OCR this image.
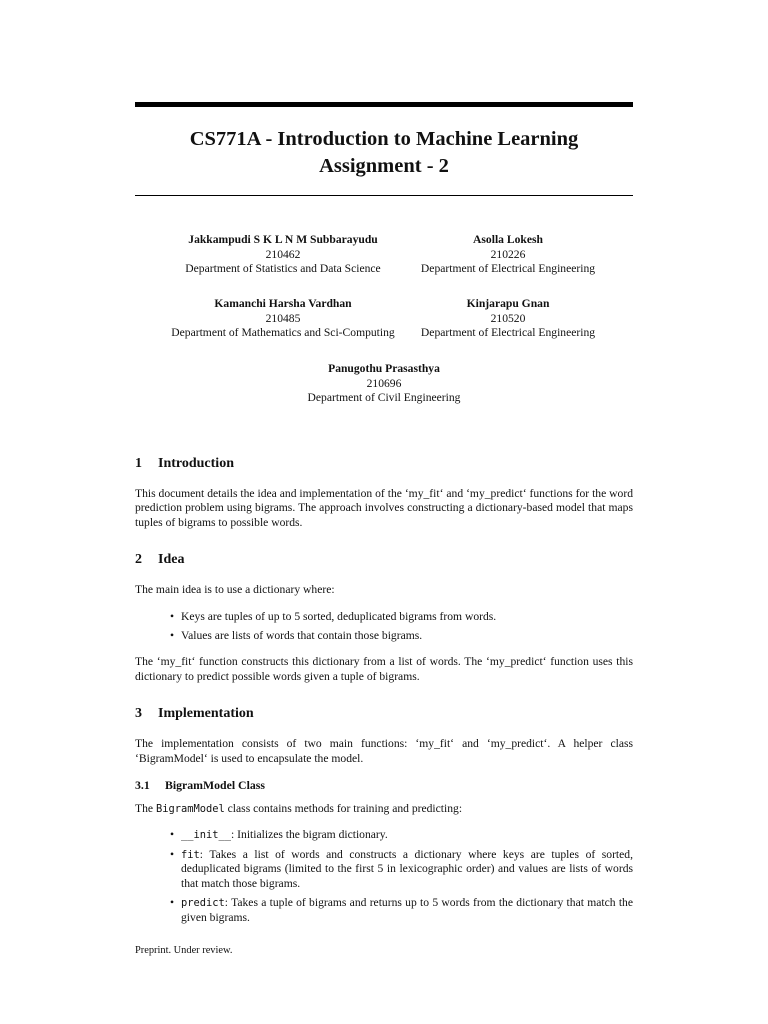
CS771A - Introduction to Machine Learning
Assignment - 2
Jakkampudi S K L N M Subbarayudu
210462
Department of Statistics and Data Science
Asolla Lokesh
210226
Department of Electrical Engineering
Kamanchi Harsha Vardhan
210485
Department of Mathematics and Sci-Computing
Kinjarapu Gnan
210520
Department of Electrical Engineering
Panugothu Prasasthya
210696
Department of Civil Engineering
1 Introduction

This document details the idea and implementation of the ‘my_fit‘ and ‘my_predict‘ functions for the word prediction problem using bigrams. The approach involves constructing a dictionary-based model that maps tuples of bigrams to possible words.

2 Idea

The main idea is to use a dictionary where:

• Keys are tuples of up to 5 sorted, deduplicated bigrams from words.
• Values are lists of words that contain those bigrams.

The ‘my_fit‘ function constructs this dictionary from a list of words. The ‘my_predict‘ function uses this dictionary to predict possible words given a tuple of bigrams.

3 Implementation

The implementation consists of two main functions: ‘my_fit‘ and ‘my_predict‘. A helper class ‘BigramModel‘ is used to encapsulate the model.

3.1 BigramModel Class

The BigramModel class contains methods for training and predicting:

• __init__: Initializes the bigram dictionary.
• fit: Takes a list of words and constructs a dictionary where keys are tuples of sorted, deduplicated bigrams (limited to the first 5 in lexicographic order) and values are lists of words that match those bigrams.
• predict: Takes a tuple of bigrams and returns up to 5 words from the dictionary that match the given bigrams.
Preprint. Under review.
